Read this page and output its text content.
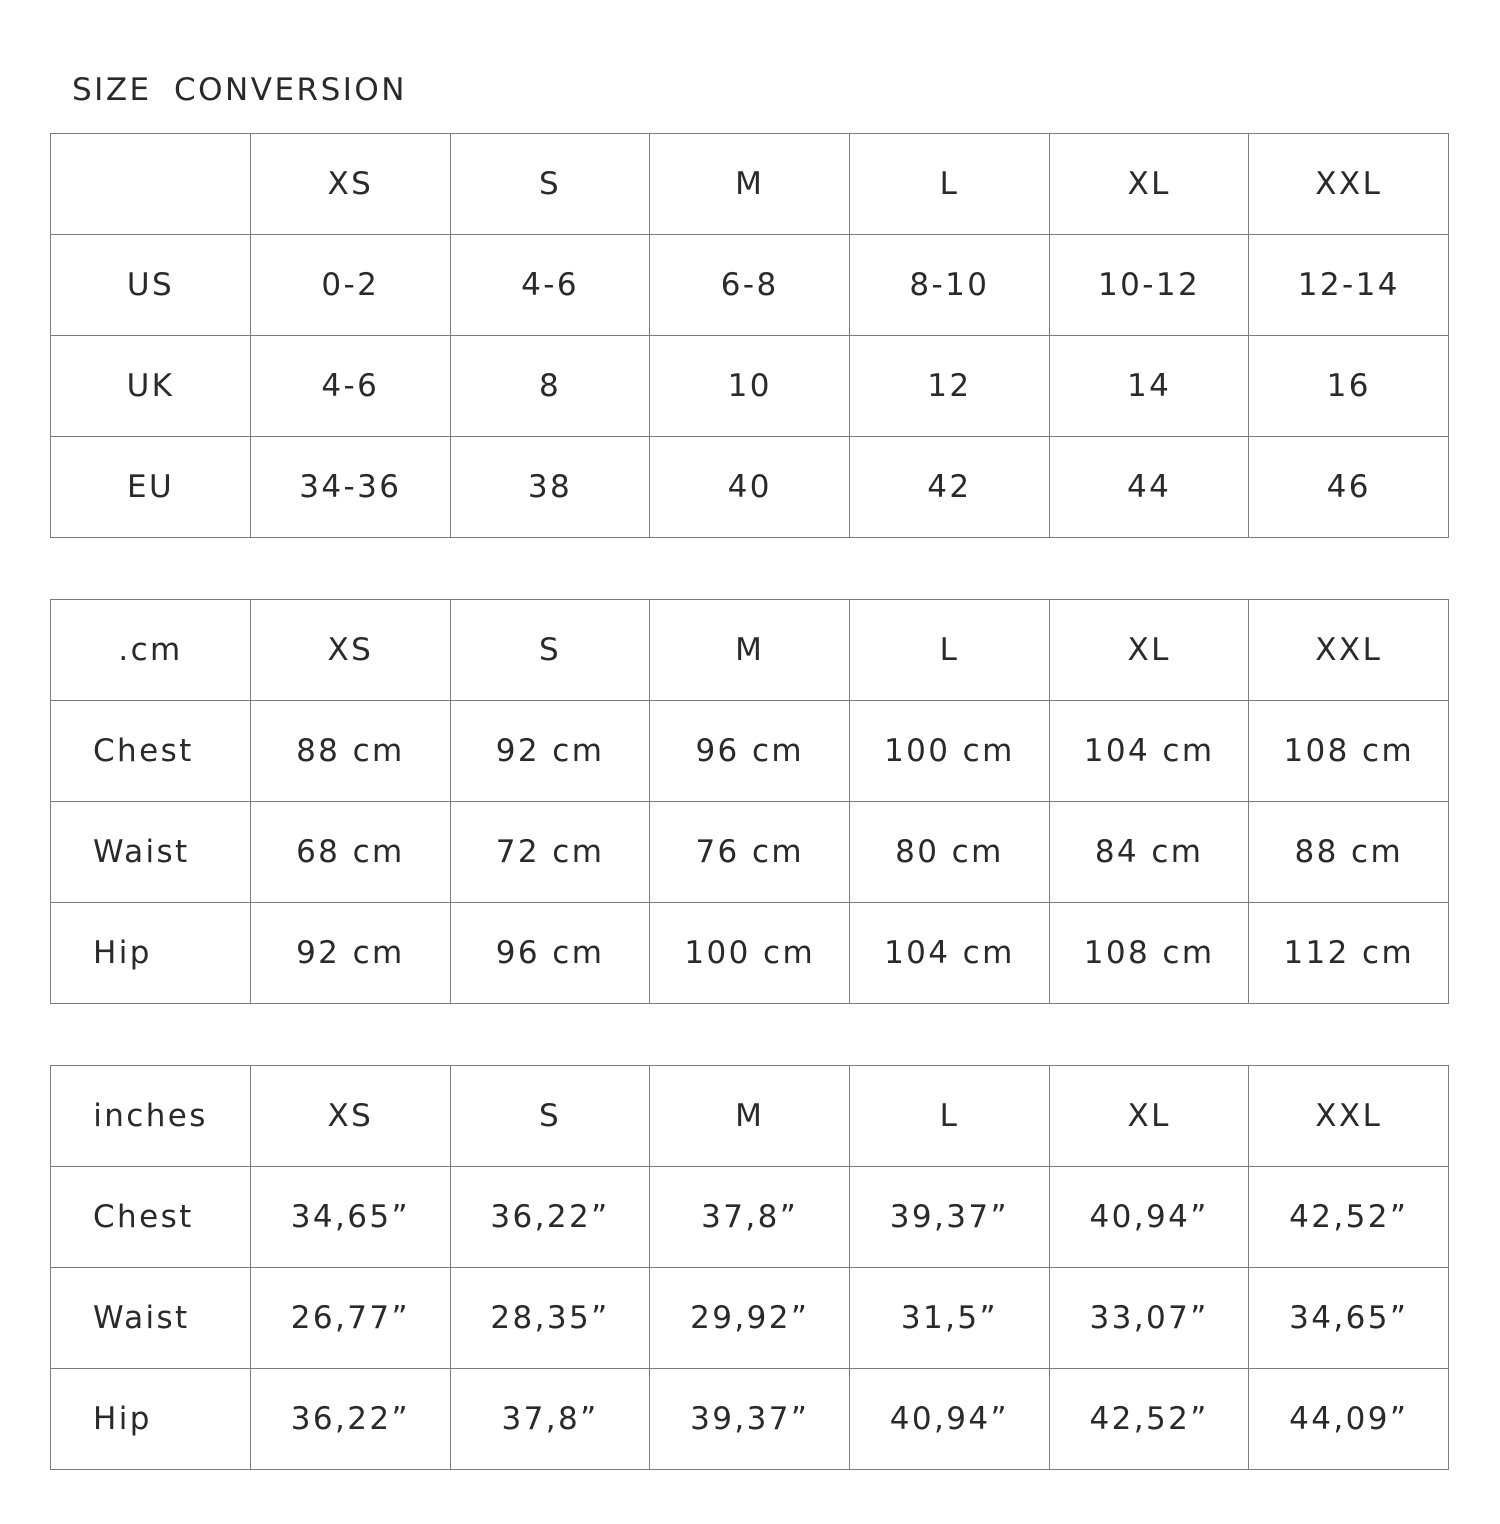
SIZE CONVERSION
	XS	S	M	L	XL	XXL
US	0-2	4-6	6-8	8-10	10-12	12-14
UK	4-6	8	10	12	14	16
EU	34-36	38	40	42	44	46
.cm	XS	S	M	L	XL	XXL
Chest	88 cm	92 cm	96 cm	100 cm	104 cm	108 cm
Waist	68 cm	72 cm	76 cm	80 cm	84 cm	88 cm
Hip	92 cm	96 cm	100 cm	104 cm	108 cm	112 cm
inches	XS	S	M	L	XL	XXL
Chest	34,65”	36,22”	37,8”	39,37”	40,94”	42,52”
Waist	26,77”	28,35”	29,92”	31,5”	33,07”	34,65”
Hip	36,22”	37,8”	39,37”	40,94”	42,52”	44,09”
